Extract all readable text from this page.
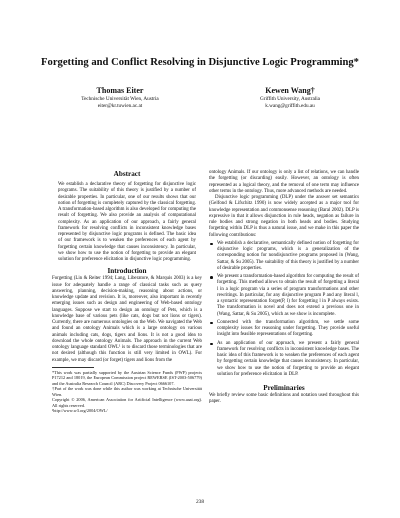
Forgetting and Conflict Resolving in Disjunctive Logic Programming*
Thomas Eiter
Technische Universität Wien, Austria
eiter@kr.tuwien.ac.at
Kewen Wang†
Griffith University, Australia
k.wang@griffith.edu.au
Abstract

We establish a declarative theory of forgetting for disjunctive logic programs. The suitability of this theory is justified by a number of desirable properties. In particular, one of our results shows that our notion of forgetting is completely captured by the classical forgetting. A transformation-based algorithm is also developed for computing the result of forgetting. We also provide an analysis of computational complexity. As an application of our approach, a fairly general framework for resolving conflicts in inconsistent knowledge bases represented by disjunctive logic programs is defined. The basic idea of our framework is to weaken the preferences of each agent by forgetting certain knowledge that causes inconsistency. In particular, we show how to use the notion of forgetting to provide an elegant solution for preference elicitation in disjunctive logic programming.

Introduction

Forgetting (Lin & Reiter 1994; Lang, Liberatore, & Marquis 2003) is a key issue for adequately handle a range of classical tasks such as query answering, planning, decision-making, reasoning about actions, or knowledge update and revision. It is, moreover, also important in recently emerging issues such as design and engineering of Web-based ontology languages. Suppose we start to design an ontology of Pets, which is a knowledge base of various pets (like cats, dogs but not lions or tigers). Currently, there are numerous ontologies on the Web. We navigated the Web and found an ontology Animals which is a large ontology on various animals including cats, dogs, tigers and lions. It is not a good idea to download the whole ontology Animals. The approach in the current Web ontology language standard OWL¹ is to discard those terminologies that are not desired (although this function is still very limited in OWL). For example, we may discard (or forget) tigers and lions from the

*This work was partially supported by the Austrian Science Funds (FWF) projects P17212 and 18019, the European Commission project REWERSE (IST-2003-506779) and the Australia Research Council (ARC) Discovery Project 0666107.

†Part of the work was done while this author was working at Technische Universität Wien.

Copyright © 2006, American Association for Artificial Intelligence (www.aaai.org). All rights reserved.

¹http://www.w3.org/2004/OWL/

ontology Animals. If our ontology is only a list of relations, we can handle the forgetting (or discarding) easily. However, an ontology is often represented as a logical theory, and the removal of one term may influence other terms in the ontology. Thus, more advanced methods are needed.

Disjunctive logic programming (DLP) under the answer set semantics (Gelfond & Lifschitz 1990) is now widely accepted as a major tool for knowledge representation and commonsense reasoning (Baral 2002). DLP is expressive in that it allows disjunction in rule heads, negation as failure in rule bodies and strong negation in both heads and bodies. Studying forgetting within DLP is thus a natural issue, and we make in this paper the following contributions:

We establish a declarative, semantically defined notion of forgetting for disjunctive logic programs, which is a generalization of the corresponding notion for nondisjunctive programs proposed in (Wang, Sattar, & Su 2005). The suitability of this theory is justified by a number of desirable properties.

We present a transformation-based algorithm for computing the result of forgetting. This method allows to obtain the result of forgetting a literal l in a logic program via a series of program transformations and other rewritings. In particular, for any disjunctive program P and any literal l, a syntactic representation forget(P, l) for forgetting l in P always exists. The transformation is novel and does not extend a previous one in (Wang, Sattar, & Su 2005), which as we show is incomplete.

Connected with the transformation algorithm, we settle some complexity issues for reasoning under forgetting. They provide useful insight into feasible representations of forgetting.

As an application of our approach, we present a fairly general framework for resolving conflicts in inconsistent knowledge bases. The basic idea of this framework is to weaken the preferences of each agent by forgetting certain knowledge that causes inconsistency. In particular, we show how to use the notion of forgetting to provide an elegant solution for preference elicitation in DLP.

Preliminaries

We briefly review some basic definitions and notation used throughout this paper.

238
